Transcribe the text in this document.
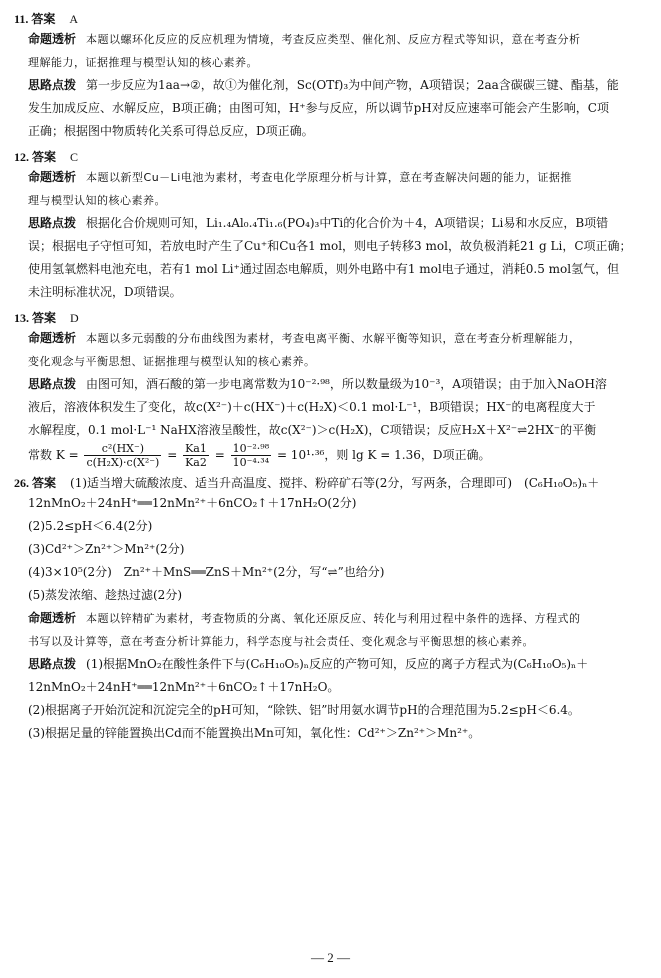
11. 答案 A
命题透析 本题以螺环化反应的反应机理为情境，考查反应类型、催化剂、反应方程式等知识，意在考查分析
理解能力，证据推理与模型认知的核心素养。
思路点拨 第一步反应为1aa→②，故①为催化剂，Sc(OTf)₃为中间产物，A项错误；2aa含碳碳三键、酯基，能
发生加成反应、水解反应，B项正确；由图可知，H⁺参与反应，所以调节pH对反应速率可能会产生影响，C项
正确；根据图中物质转化关系可得总反应，D项正确。
12. 答案 C
命题透析 本题以新型Cu－Li电池为素材，考查电化学原理分析与计算，意在考查解决问题的能力，证据推
理与模型认知的核心素养。
思路点拨 根据化合价规则可知，Li₁.₄Al₀.₄Ti₁.₆(PO₄)₃中Ti的化合价为＋4，A项错误；Li易和水反应，B项错
误；根据电子守恒可知，若放电时产生了Cu⁺和Cu各1 mol，则电子转移3 mol，故负极消耗21 g Li，C项正确；
使用氢氧燃料电池充电，若有1 mol Li⁺通过固态电解质，则外电路中有1 mol电子通过，消耗0.5 mol氢气，但
未注明标准状况，D项错误。
13. 答案 D
命题透析 本题以多元弱酸的分布曲线图为素材，考查电离平衡、水解平衡等知识，意在考查分析理解能力，
变化观念与平衡思想、证据推理与模型认知的核心素养。
思路点拨 由图可知，酒石酸的第一步电离常数为10⁻²·⁹⁸，所以数量级为10⁻³，A项错误；由于加入NaOH溶
液后，溶液体积发生了变化，故c(X²⁻)＋c(HX⁻)＋c(H₂X)＜0.1 mol·L⁻¹，B项错误；HX⁻的电离程度大于
水解程度，0.1 mol·L⁻¹ NaHX溶液呈酸性，故c(X²⁻)＞c(H₂X)，C项错误；反应H₂X＋X²⁻⇌2HX⁻的平衡
常数 $K = \frac{\text{c²(HX⁻)}}{\text{c(H₂X)·c(X²⁻)}} = \frac{Ka1}{Ka2} = \frac{\text{10⁻²·⁹⁸}}{\text{10⁻⁴·³⁴}} = 10^1\cdot^{36}$，则 lg K = 1.36，D项正确。
26. 答案 (1)适当增大硫酸浓度、适当升高温度、搅拌、粉碎矿石等(2分，写两条，合理即可)　(C₆H₁₀O₅)ₙ＋
12nMnO₂＋24nH⁺══12nMn²⁺＋6nCO₂↑＋17nH₂O(2分)
(2)5.2≤pH＜6.4(2分)
(3)Cd²⁺＞Zn²⁺＞Mn²⁺(2分)
(4)3×10⁵(2分)　Zn²⁺＋MnS══ZnS＋Mn²⁺(2分，写“⇌”也给分)
(5)蒸发浓缩、趁热过滤(2分)
命题透析 本题以锌精矿为素材，考查物质的分离、氧化还原反应、转化与利用过程中条件的选择、方程式的
书写以及计算等，意在考查分析计算能力，科学态度与社会责任、变化观念与平衡思想的核心素养。
思路点拨 (1)根据MnO₂在酸性条件下与(C₆H₁₀O₅)ₙ反应的产物可知，反应的离子方程式为(C₆H₁₀O₅)ₙ＋
12nMnO₂＋24nH⁺══12nMn²⁺＋6nCO₂↑＋17nH₂O。
(2)根据离子开始沉淀和沉淀完全的pH可知，“除铁、铝”时用氨水调节pH的合理范围为5.2≤pH＜6.4。
(3)根据足量的锌能置换出Cd而不能置换出Mn可知，氧化性：Cd²⁺＞Zn²⁺＞Mn²⁺。
— 2 —
